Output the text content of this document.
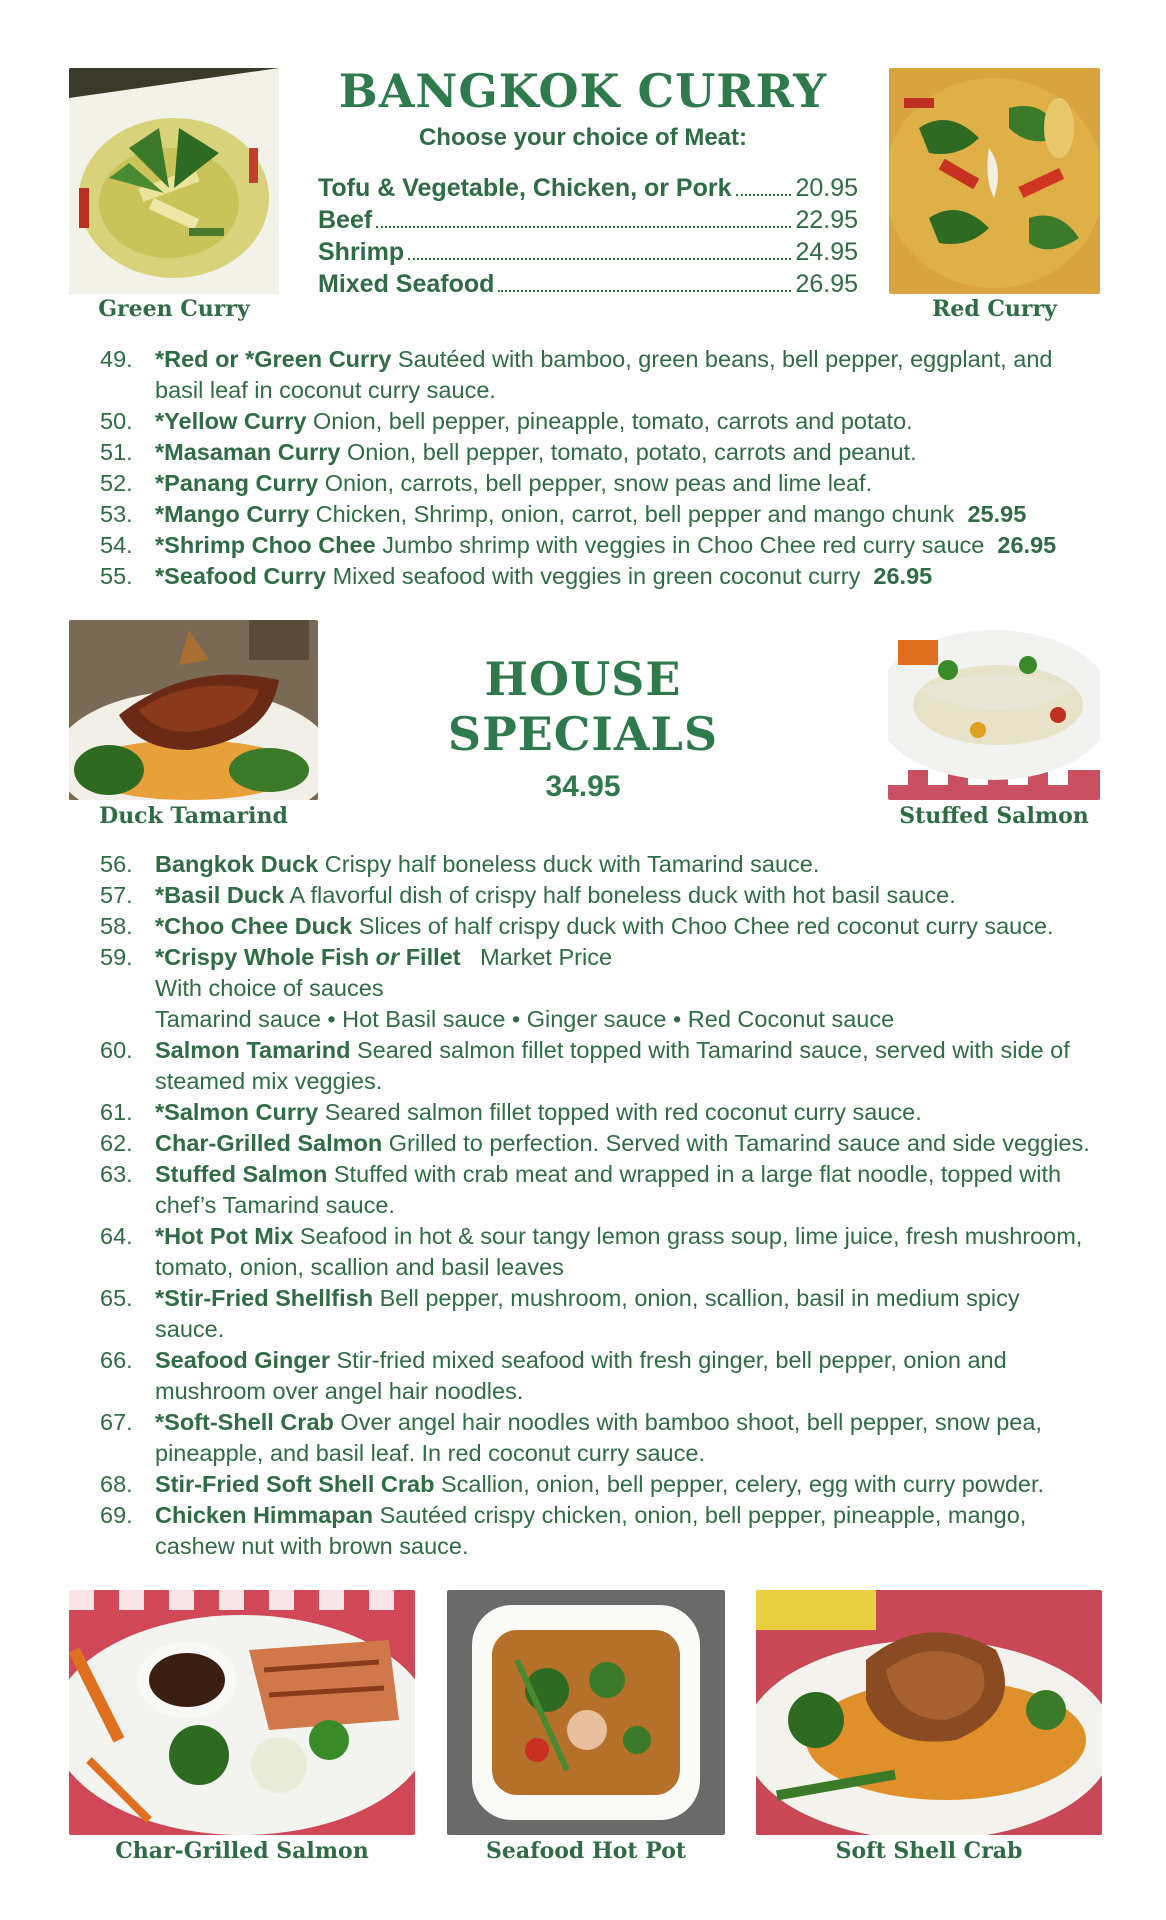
Green Curry	Red Curry
BANGKOK CURRY
Choose your choice of Meat:
Tofu & Vegetable, Chicken, or Pork	20.95
Beef	22.95
Shrimp	24.95
Mixed Seafood	26.95
49. *Red or *Green Curry Sautéed with bamboo, green beans, bell pepper, eggplant, and basil leaf in coconut curry sauce.
50. *Yellow Curry Onion, bell pepper, pineapple, tomato, carrots and potato.
51. *Masaman Curry Onion, bell pepper, tomato, potato, carrots and peanut.
52. *Panang Curry Onion, carrots, bell pepper, snow peas and lime leaf.
53. *Mango Curry Chicken, Shrimp, onion, carrot, bell pepper and mango chunk 25.95
54. *Shrimp Choo Chee Jumbo shrimp with veggies in Choo Chee red curry sauce 26.95
55. *Seafood Curry Mixed seafood with veggies in green coconut curry 26.95
Duck Tamarind	Stuffed Salmon
HOUSE
SPECIALS
34.95
56. Bangkok Duck Crispy half boneless duck with Tamarind sauce.
57. *Basil Duck A flavorful dish of crispy half boneless duck with hot basil sauce.
58. *Choo Chee Duck Slices of half crispy duck with Choo Chee red coconut curry sauce.
59. *Crispy Whole Fish or Fillet Market Price
With choice of sauces
Tamarind sauce • Hot Basil sauce • Ginger sauce • Red Coconut sauce
60. Salmon Tamarind Seared salmon fillet topped with Tamarind sauce, served with side of steamed mix veggies.
61. *Salmon Curry Seared salmon fillet topped with red coconut curry sauce.
62. Char-Grilled Salmon Grilled to perfection. Served with Tamarind sauce and side veggies.
63. Stuffed Salmon Stuffed with crab meat and wrapped in a large flat noodle, topped with chef’s Tamarind sauce.
64. *Hot Pot Mix Seafood in hot & sour tangy lemon grass soup, lime juice, fresh mushroom, tomato, onion, scallion and basil leaves
65. *Stir-Fried Shellfish Bell pepper, mushroom, onion, scallion, basil in medium spicy sauce.
66. Seafood Ginger Stir-fried mixed seafood with fresh ginger, bell pepper, onion and mushroom over angel hair noodles.
67. *Soft-Shell Crab Over angel hair noodles with bamboo shoot, bell pepper, snow pea, pineapple, and basil leaf. In red coconut curry sauce.
68. Stir-Fried Soft Shell Crab Scallion, onion, bell pepper, celery, egg with curry powder.
69. Chicken Himmapan Sautéed crispy chicken, onion, bell pepper, pineapple, mango, cashew nut with brown sauce.
Char-Grilled Salmon	Seafood Hot Pot	Soft Shell Crab
